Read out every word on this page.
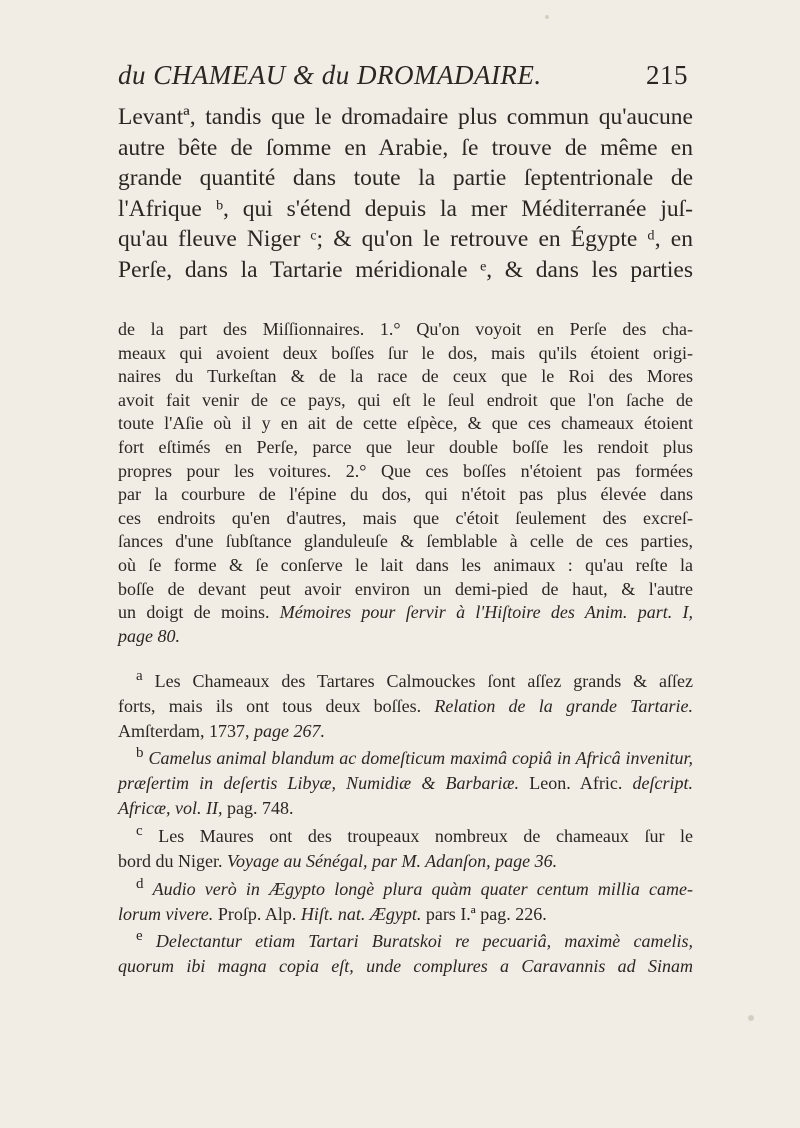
du CHAMEAU & du DROMADAIRE.	215
Levantª, tandis que le dromadaire plus commun qu'aucune
autre bête de ſomme en Arabie, ſe trouve de même en
grande quantité dans toute la partie ſeptentrionale de
l'Afrique ᵇ, qui s'étend depuis la mer Méditerranée juſ-
qu'au fleuve Niger ᶜ; & qu'on le retrouve en Égypte ᵈ, en
Perſe, dans la Tartarie méridionale ᵉ, & dans les parties
de la part des Miſſionnaires. 1.° Qu'on voyoit en Perſe des cha-
meaux qui avoient deux boſſes ſur le dos, mais qu'ils étoient origi-
naires du Turkeſtan & de la race de ceux que le Roi des Mores
avoit fait venir de ce pays, qui eſt le ſeul endroit que l'on ſache de
toute l'Aſie où il y en ait de cette eſpèce, & que ces chameaux étoient
fort eſtimés en Perſe, parce que leur double boſſe les rendoit plus
propres pour les voitures. 2.° Que ces boſſes n'étoient pas formées
par la courbure de l'épine du dos, qui n'étoit pas plus élevée dans
ces endroits qu'en d'autres, mais que c'étoit ſeulement des excreſ-
ſances d'une ſubſtance glanduleuſe & ſemblable à celle de ces parties,
où ſe forme & ſe conſerve le lait dans les animaux : qu'au reſte la
boſſe de devant peut avoir environ un demi-pied de haut, & l'autre
un doigt de moins. Mémoires pour ſervir à l'Hiſtoire des Anim. part. I,
page 80.
$^a$ Les Chameaux des Tartares Calmouckes ſont aſſez grands & aſſez
forts, mais ils ont tous deux boſſes. Relation de la grande Tartarie.
Amſterdam, 1737, page 267.
$^b$ Camelus animal blandum ac domeſticum maximâ copiâ in Africâ invenitur,
præſertim in deſertis Libyæ, Numidiæ & Barbariæ. Leon. Afric. deſcript.
Africæ, vol. II, pag. 748.
$^c$ Les Maures ont des troupeaux nombreux de chameaux ſur le
bord du Niger. Voyage au Sénégal, par M. Adanſon, page 36.
$^d$ Audio verò in Ægypto longè plura quàm quater centum millia came-
lorum vivere. Proſp. Alp. Hiſt. nat. Ægypt. pars I.ª pag. 226.
$^e$ Delectantur etiam Tartari Buratskoi re pecuariâ, maximè camelis,
quorum ibi magna copia eſt, unde complures a Caravannis ad Sinam
